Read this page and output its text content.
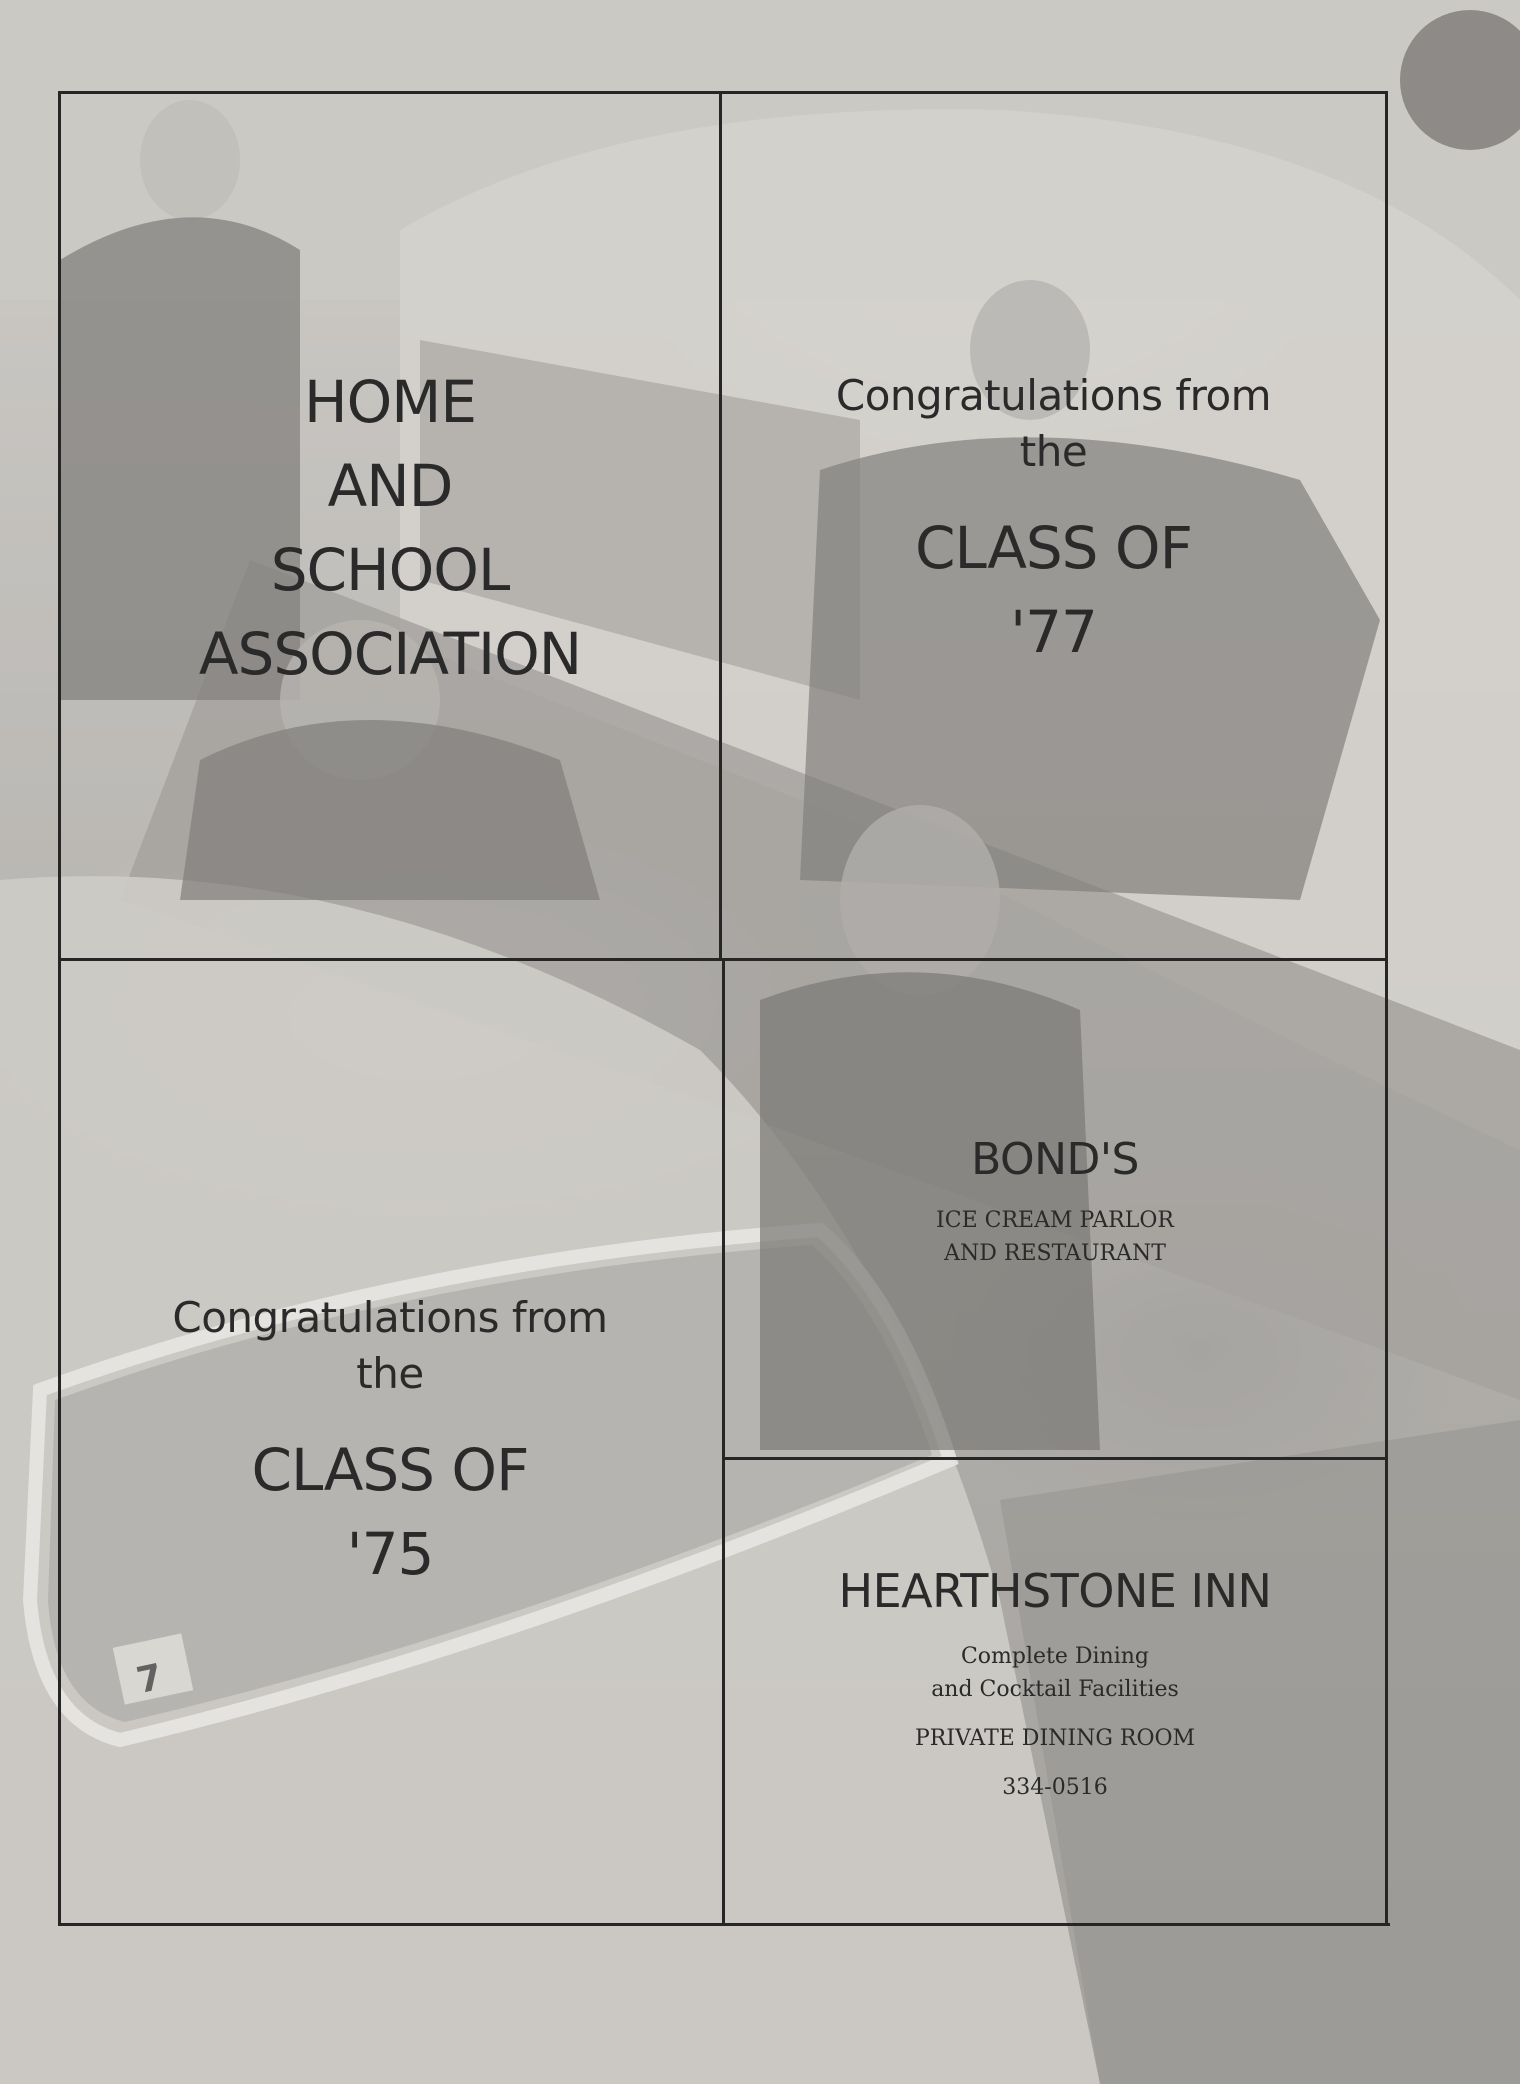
7
HOME
AND
SCHOOL
ASSOCIATION
Congratulations from
the
CLASS OF
'77
BOND'S
ICE CREAM PARLOR
AND RESTAURANT
Congratulations from
the
CLASS OF
'75
HEARTHSTONE INN
Complete Dining
and Cocktail Facilities
PRIVATE DINING ROOM
334-0516
